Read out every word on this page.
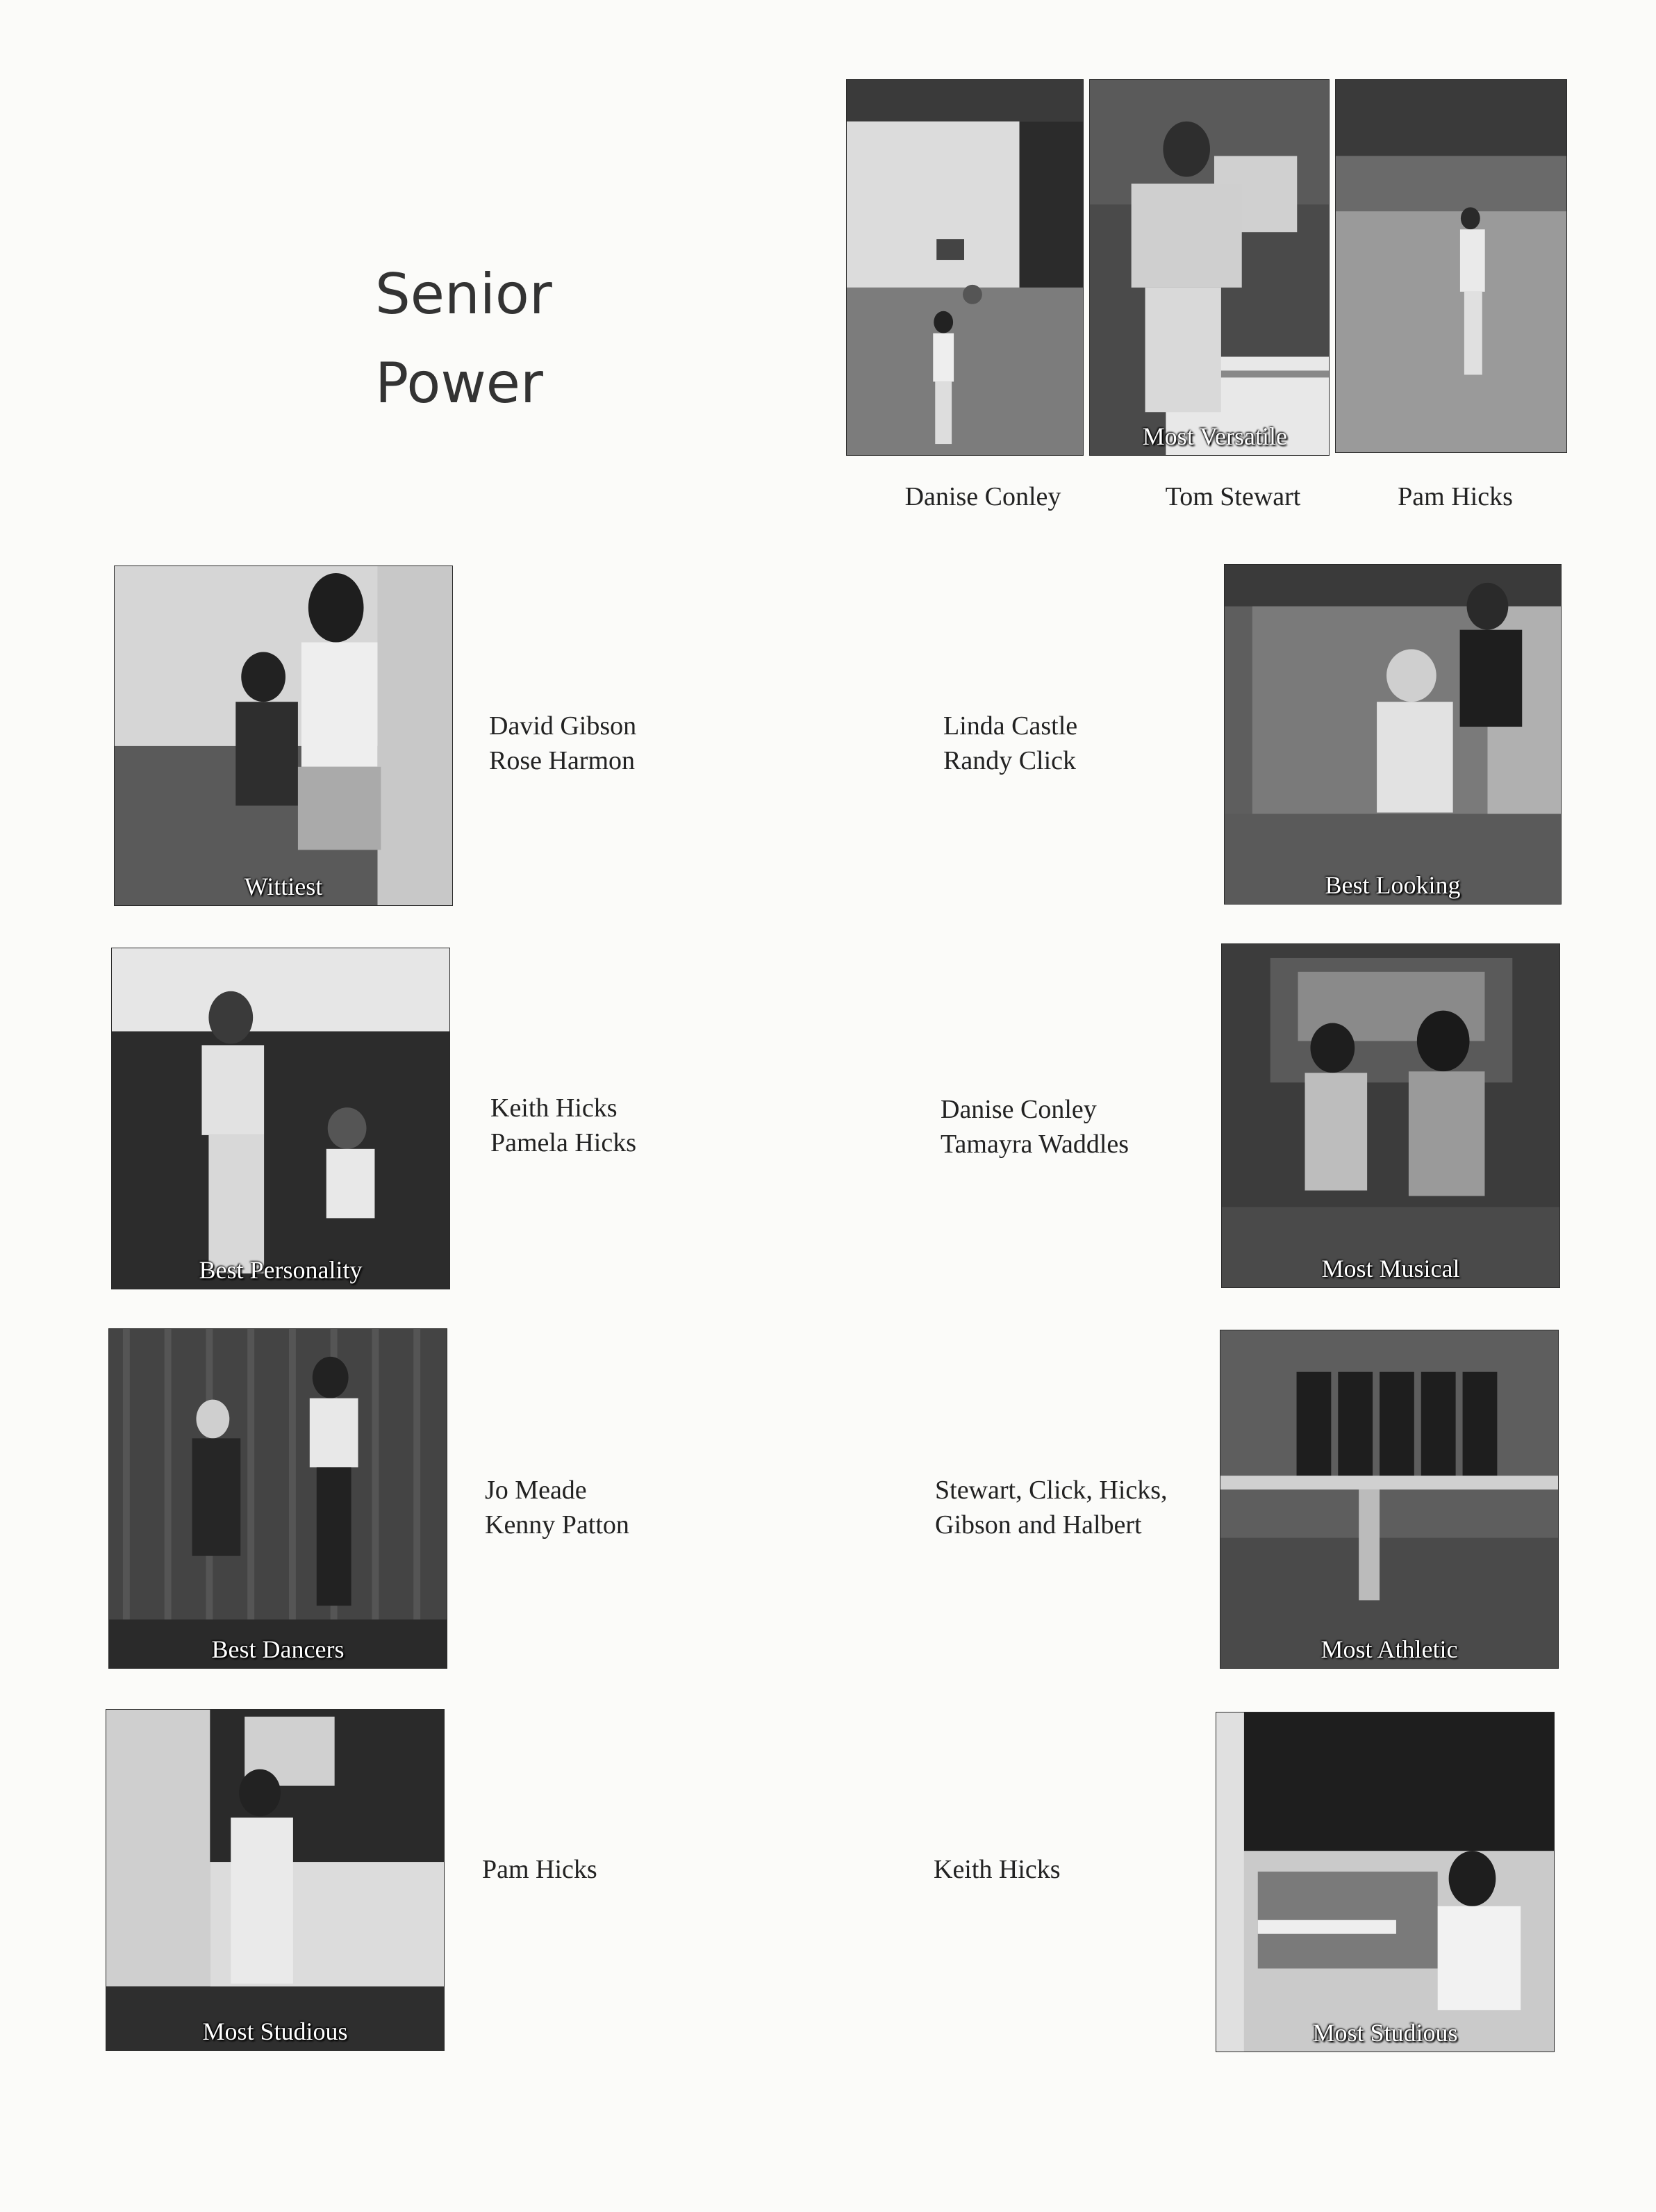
Senior
Power
Most Versatile
Danise Conley	Tom Stewart	Pam Hicks
Wittiest
David Gibson
Rose Harmon
Linda Castle
Randy Click
Best Looking
Best Personality
Keith Hicks
Pamela Hicks
Danise Conley
Tamayra Waddles
Most Musical
Best Dancers
Jo Meade
Kenny Patton
Stewart, Click, Hicks,
Gibson and Halbert
Most Athletic
Most Studious
Pam Hicks	Keith Hicks
Most Studious
